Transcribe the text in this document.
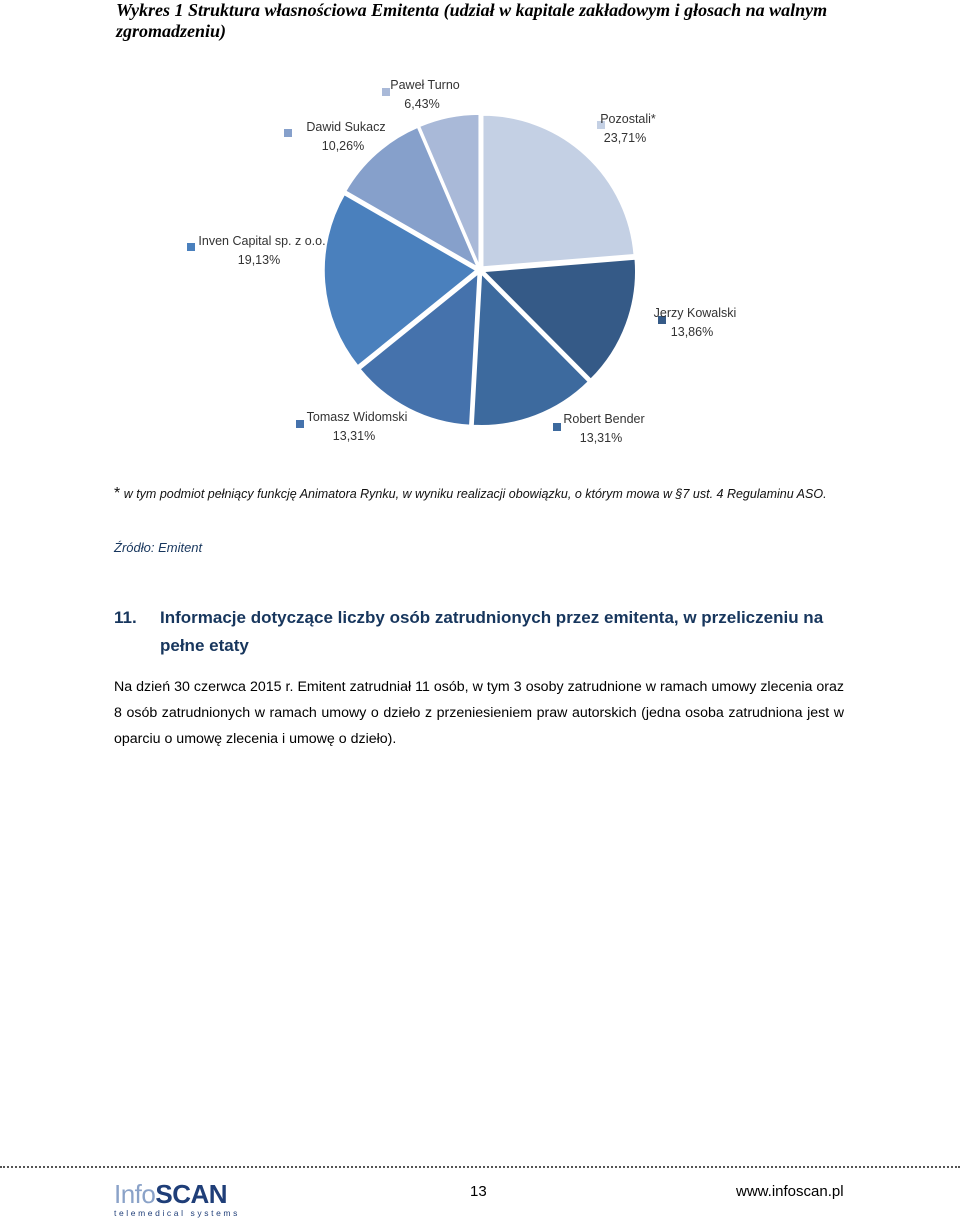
Wykres 1 Struktura własnościowa Emitenta (udział w kapitale zakładowym i głosach na walnym zgromadzeniu)
Pozostali*
23,71%
Jerzy Kowalski
13,86%
Robert Bender
13,31%
Tomasz Widomski
13,31%
Inven Capital sp. z o.o.
19,13%
Dawid Sukacz
10,26%
Paweł Turno
6,43%
* w tym podmiot pełniący funkcję Animatora Rynku, w wyniku realizacji obowiązku, o którym mowa w §7 ust. 4 Regulaminu ASO.
Źródło: Emitent
11.	Informacje dotyczące liczby osób zatrudnionych przez emitenta, w przeliczeniu na pełne etaty
Na dzień 30 czerwca 2015 r. Emitent zatrudniał 11 osób, w tym 3 osoby zatrudnione w ramach umowy zlecenia oraz 8 osób zatrudnionych w ramach umowy o dzieło z przeniesieniem praw autorskich (jedna osoba zatrudniona jest w oparciu o umowę zlecenia i umowę o dzieło).
InfoSCAN
telemedical systems
13	www.infoscan.pl
